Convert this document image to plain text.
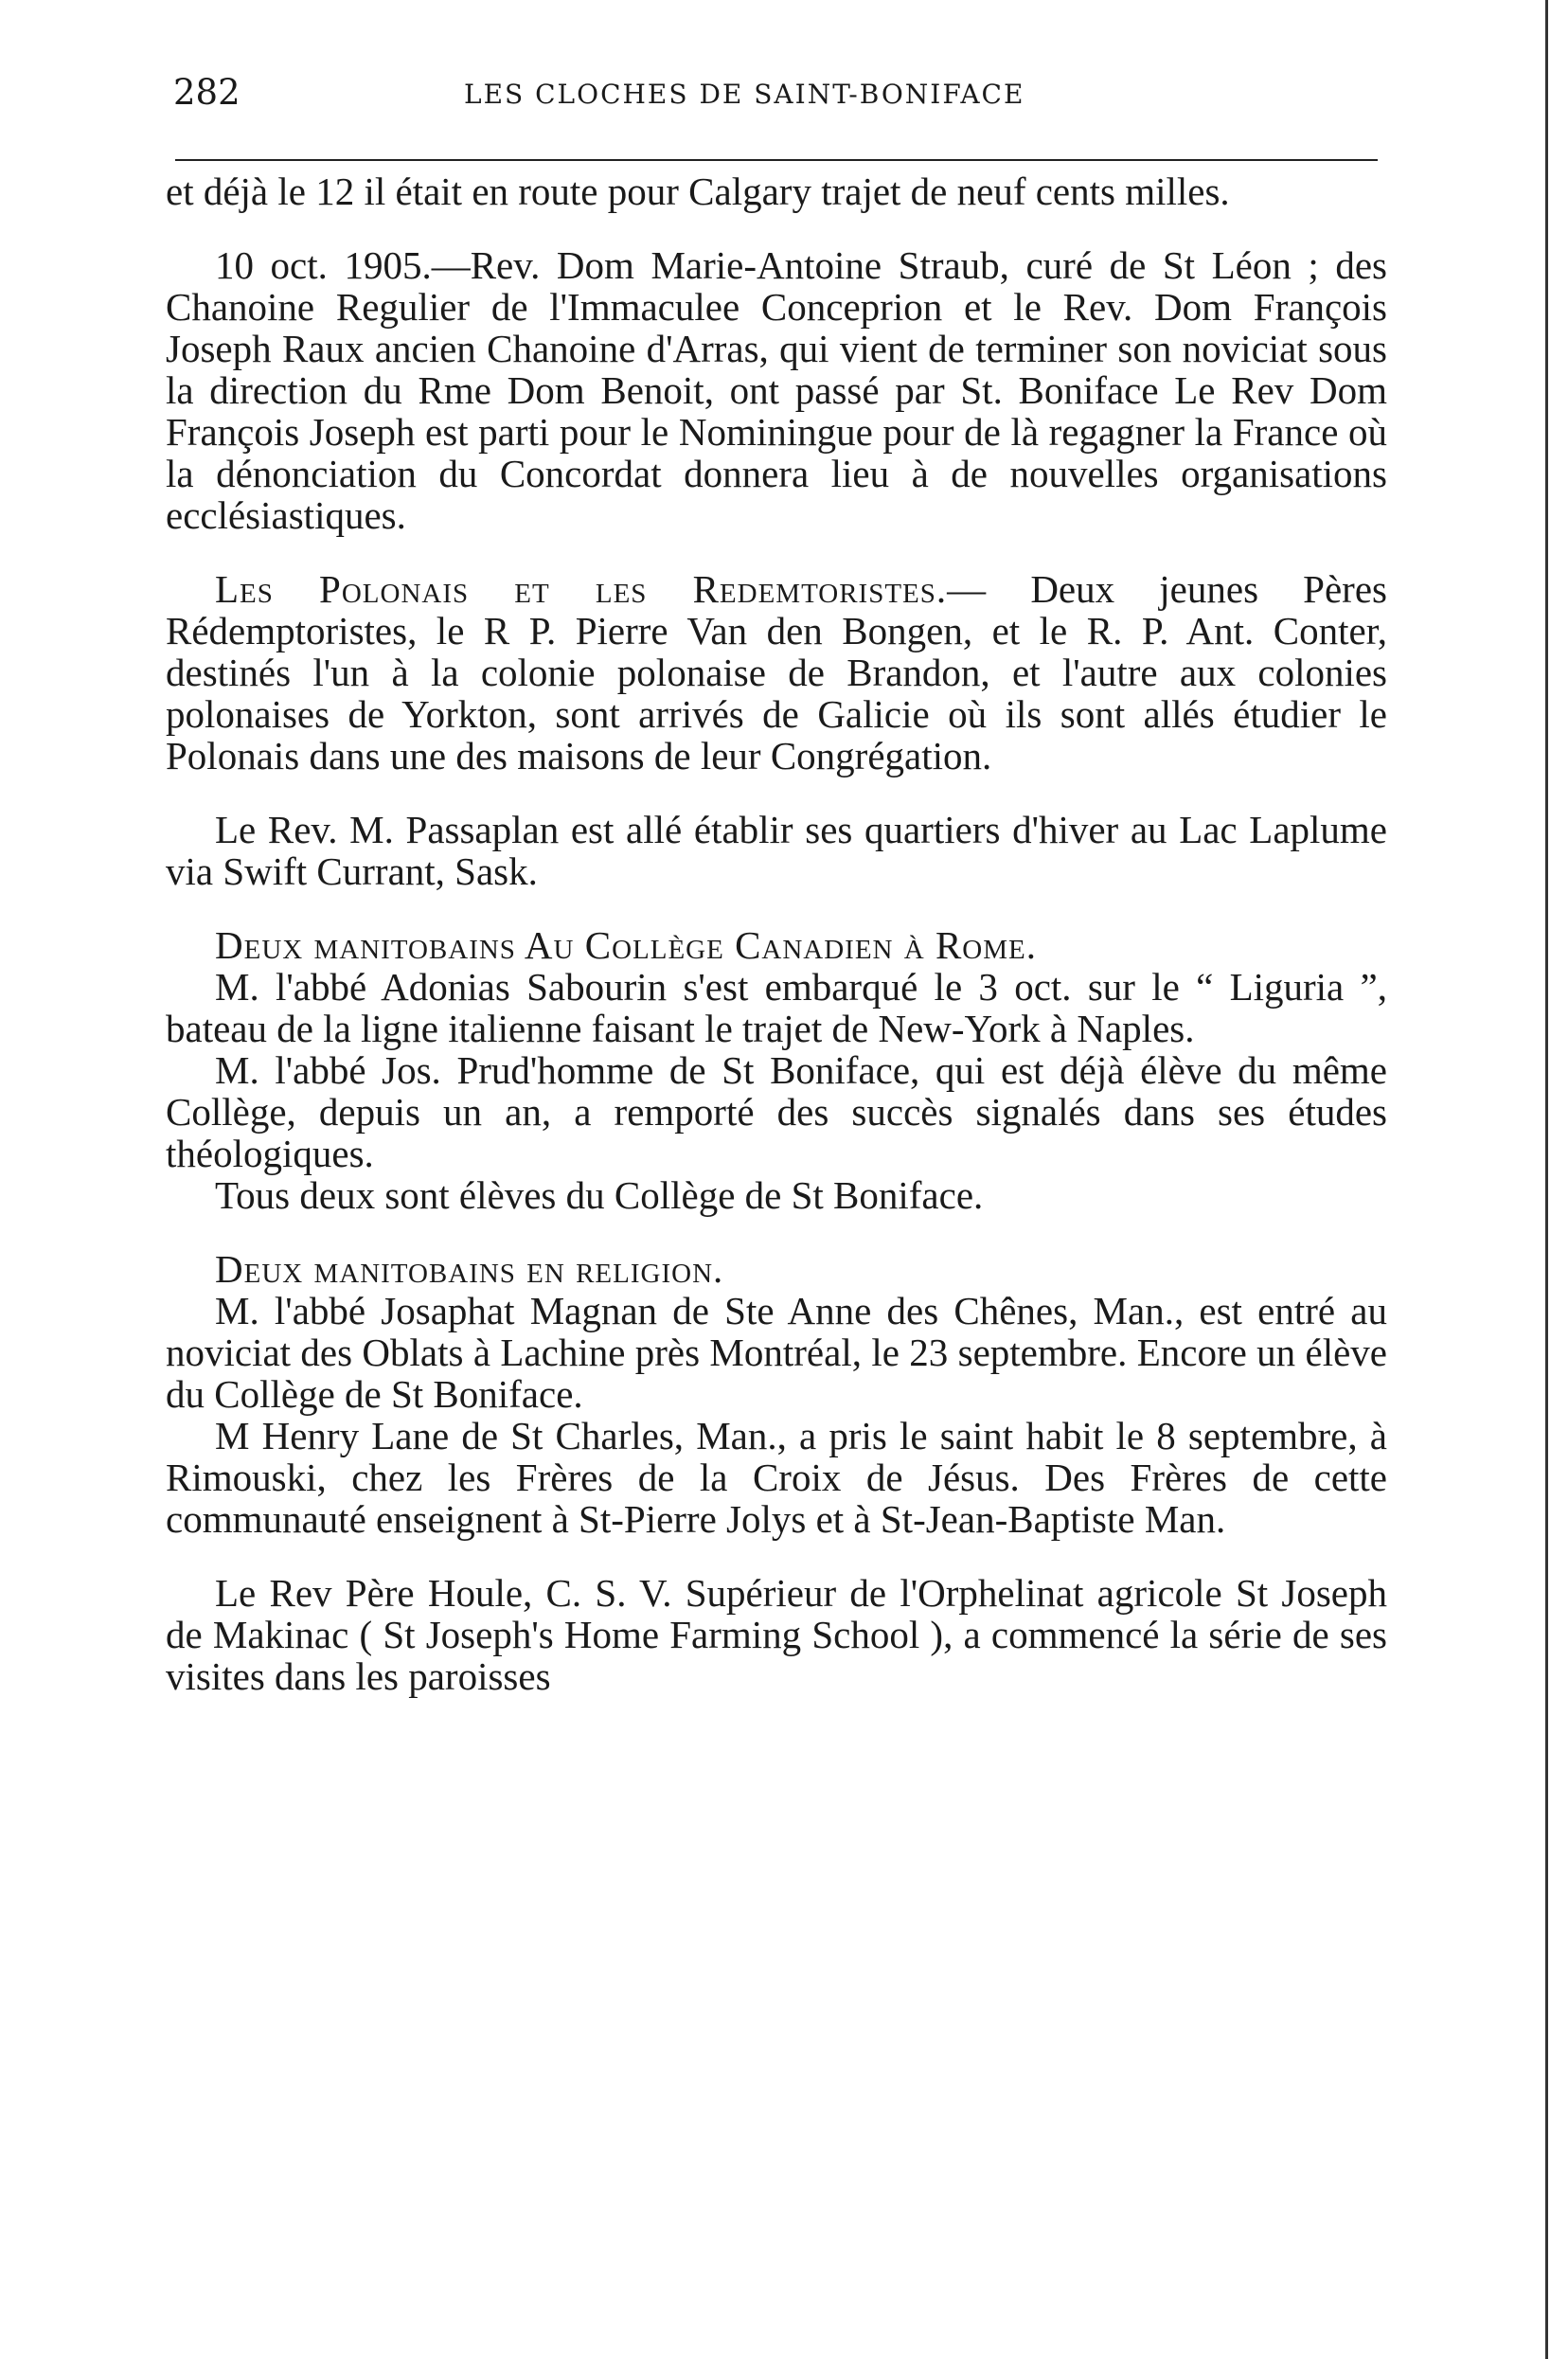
282	LES CLOCHES DE SAINT-BONIFACE

et déjà le 12 il était en route pour Calgary trajet de neuf cents milles.

10 oct. 1905.—Rev. Dom Marie-Antoine Straub, curé de St Léon ; des Chanoine Regulier de l'Immaculee Conceprion et le Rev. Dom François Joseph Raux ancien Chanoine d'Arras, qui vient de terminer son noviciat sous la direction du Rme Dom Benoit, ont passé par St. Boniface Le Rev Dom François Joseph est parti pour le Nominingue pour de là regagner la France où la dénonciation du Concordat donnera lieu à de nouvelles organisations ecclésiastiques.

Les Polonais et les Redemtoristes.— Deux jeunes Pères Rédemptoristes, le R P. Pierre Van den Bongen, et le R. P. Ant. Conter, destinés l'un à la colonie polonaise de Brandon, et l'autre aux colonies polonaises de Yorkton, sont arrivés de Galicie où ils sont allés étudier le Polonais dans une des maisons de leur Congrégation.

Le Rev. M. Passaplan est allé établir ses quartiers d'hiver au Lac Laplume via Swift Currant, Sask.

Deux manitobains Au Collège Canadien à Rome.

M. l'abbé Adonias Sabourin s'est embarqué le 3 oct. sur le “ Liguria ”, bateau de la ligne italienne faisant le trajet de New-York à Naples.

M. l'abbé Jos. Prud'homme de St Boniface, qui est déjà élève du même Collège, depuis un an, a remporté des succès signalés dans ses études théologiques.

Tous deux sont élèves du Collège de St Boniface.

Deux manitobains en religion.

M. l'abbé Josaphat Magnan de Ste Anne des Chênes, Man., est entré au noviciat des Oblats à Lachine près Montréal, le 23 septembre. Encore un élève du Collège de St Boniface.

M Henry Lane de St Charles, Man., a pris le saint habit le 8 septembre, à Rimouski, chez les Frères de la Croix de Jésus. Des Frères de cette communauté enseignent à St-Pierre Jolys et à St-Jean-Baptiste Man.

Le Rev Père Houle, C. S. V. Supérieur de l'Orphelinat agricole St Joseph de Makinac ( St Joseph's Home Farming School ), a commencé la série de ses visites dans les paroisses
